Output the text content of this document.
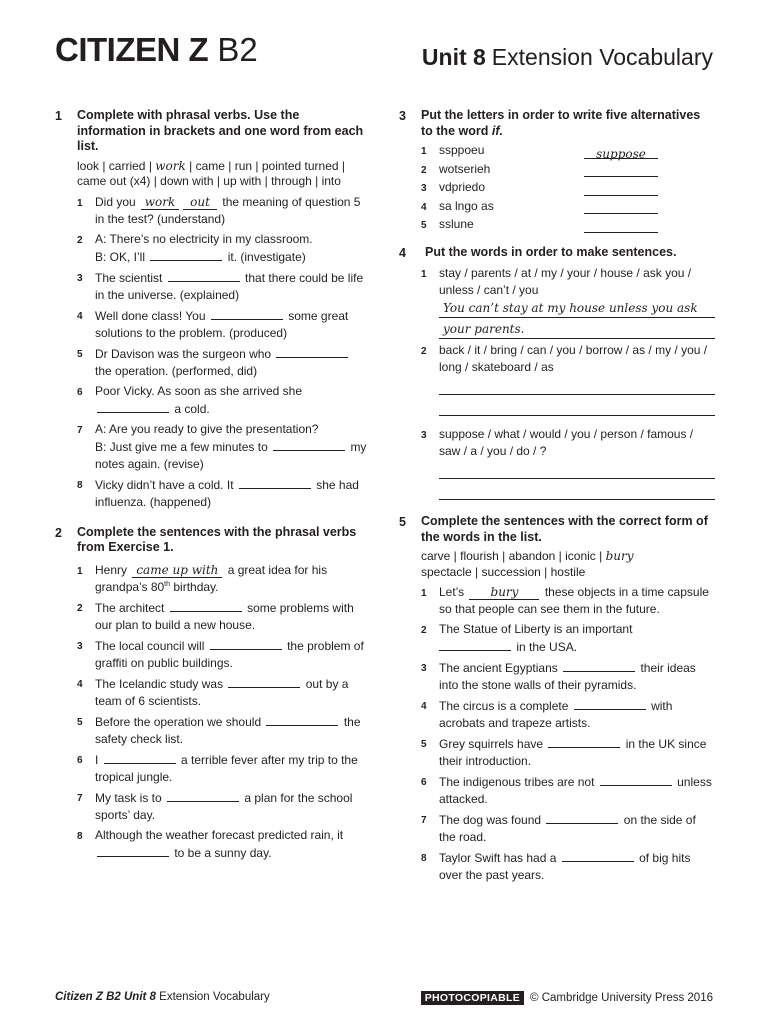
CITIZEN Z B2	Unit 8 Extension Vocabulary
1 Complete with phrasal verbs. Use the information in brackets and one word from each list.
look | carried | work | came | run | pointed turned | came out (x4) | down with | up with | through | into
1 Did you work out the meaning of question 5 in the test? (understand)
2 A: There’s no electricity in my classroom.
B: OK, I’ll	it. (investigate)
3 The scientist	that there could be life in the universe. (explained)
4 Well done class! You	some great solutions to the problem. (produced)
5 Dr Davison was the surgeon who  the operation. (performed, did)
6 Poor Vicky. As soon as she arrived she  a cold.
7 A: Are you ready to give the presentation?
B: Just give me a few minutes to	my notes again. (revise)
8 Vicky didn’t have a cold. It	she had influenza. (happened)
2 Complete the sentences with the phrasal verbs from Exercise 1.
1 Henry came up with a great idea for his grandpa’s 80th birthday.
2 The architect	some problems with our plan to build a new house.
3 The local council will	the problem of graffiti on public buildings.
4 The Icelandic study was	out by a team of 6 scientists.
5 Before the operation we should	the safety check list.
6 I	a terrible fever after my trip to the tropical jungle.
7 My task is to	a plan for the school sports’ day.
8 Although the weather forecast predicted rain, it  to be a sunny day.
3 Put the letters in order to write five alternatives to the word if.
1 ssppoeu	suppose
2 wotserieh
3 vdpriedo
4 sa lngo as
5 sslune
4	Put the words in order to make sentences.
1 stay / parents / at / my / your / house / ask you / unless / can’t / you
You can’t stay at my house unless you ask
your parents.
2 back / it / bring / can / you / borrow / as / my / you / long / skateboard / as
3 suppose / what / would / you / person / famous / saw / a / you / do / ?
5 Complete the sentences with the correct form of the words in the list.
carve | flourish | abandon | iconic | bury
spectacle | succession | hostile
1 Let’s bury these objects in a time capsule so that people can see them in the future.
2 The Statue of Liberty is an important
in the USA.
3 The ancient Egyptians	their ideas into the stone walls of their pyramids.
4 The circus is a complete	with acrobats and trapeze artists.
5 Grey squirrels have	in the UK since their introduction.
6 The indigenous tribes are not	unless attacked.
7 The dog was found	on the side of the road.
8 Taylor Swift has had a	of big hits over the past years.
Citizen Z B2 Unit 8 Extension Vocabulary	PHOTOCOPIABLE © Cambridge University Press 2016
